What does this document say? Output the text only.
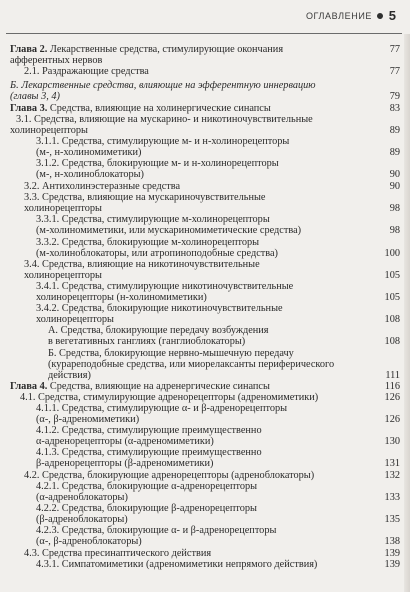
ОГЛАВЛЕНИЕ 5
Глава 2. Лекарственные средства, стимулирующие окончания	77
афферентных нервов
2.1. Раздражающие средства	77
Б. Лекарственные средства, влияющие на эфферентную иннервацию
(главы 3, 4)	79
Глава 3. Средства, влияющие на холинергические синапсы	83
3.1. Средства, влияющие на мускарино- и никотиночувствительные
холинорецепторы	89
3.1.1. Средства, стимулирующие м- и н-холинорецепторы
(м-, н-холиномиметики)	89
3.1.2. Средства, блокирующие м- и н-холинорецепторы
(м-, н-холиноблокаторы)	90
3.2. Антихолинэстеразные средства	90
3.3. Средства, влияющие на мускариночувствительные
холинорецепторы	98
3.3.1. Средства, стимулирующие м-холинорецепторы
(м-холиномиметики, или мускариномиметические средства)	98
3.3.2. Средства, блокирующие м-холинорецепторы
(м-холиноблокаторы, или атропиноподобные средства)	100
3.4. Средства, влияющие на никотиночувствительные
холинорецепторы	105
3.4.1. Средства, стимулирующие никотиночувствительные
холинорецепторы (н-холиномиметики)	105
3.4.2. Средства, блокирующие никотиночувствительные
холинорецепторы	108
А. Средства, блокирующие передачу возбуждения
в вегетативных ганглиях (ганглиоблокаторы)	108
Б. Средства, блокирующие нервно-мышечную передачу
(курареподобные средства, или миорелаксанты периферического
действия)	111
Глава 4. Средства, влияющие на адренергические синапсы	116
4.1. Средства, стимулирующие адренорецепторы (адреномиметики)	126
4.1.1. Средства, стимулирующие α- и β-адренорецепторы
(α-, β-адреномиметики)	126
4.1.2. Средства, стимулирующие преимущественно
α-адренорецепторы (α-адреномиметики)	130
4.1.3. Средства, стимулирующие преимущественно
β-адренорецепторы (β-адреномиметики)	131
4.2. Средства, блокирующие адренорецепторы (адреноблокаторы)	132
4.2.1. Средства, блокирующие α-адренорецепторы
(α-адреноблокаторы)	133
4.2.2. Средства, блокирующие β-адренорецепторы
(β-адреноблокаторы)	135
4.2.3. Средства, блокирующие α- и β-адренорецепторы
(α-, β-адреноблокаторы)	138
4.3. Средства пресинаптического действия	139
4.3.1. Симпатомиметики (адреномиметики непрямого действия)	139
